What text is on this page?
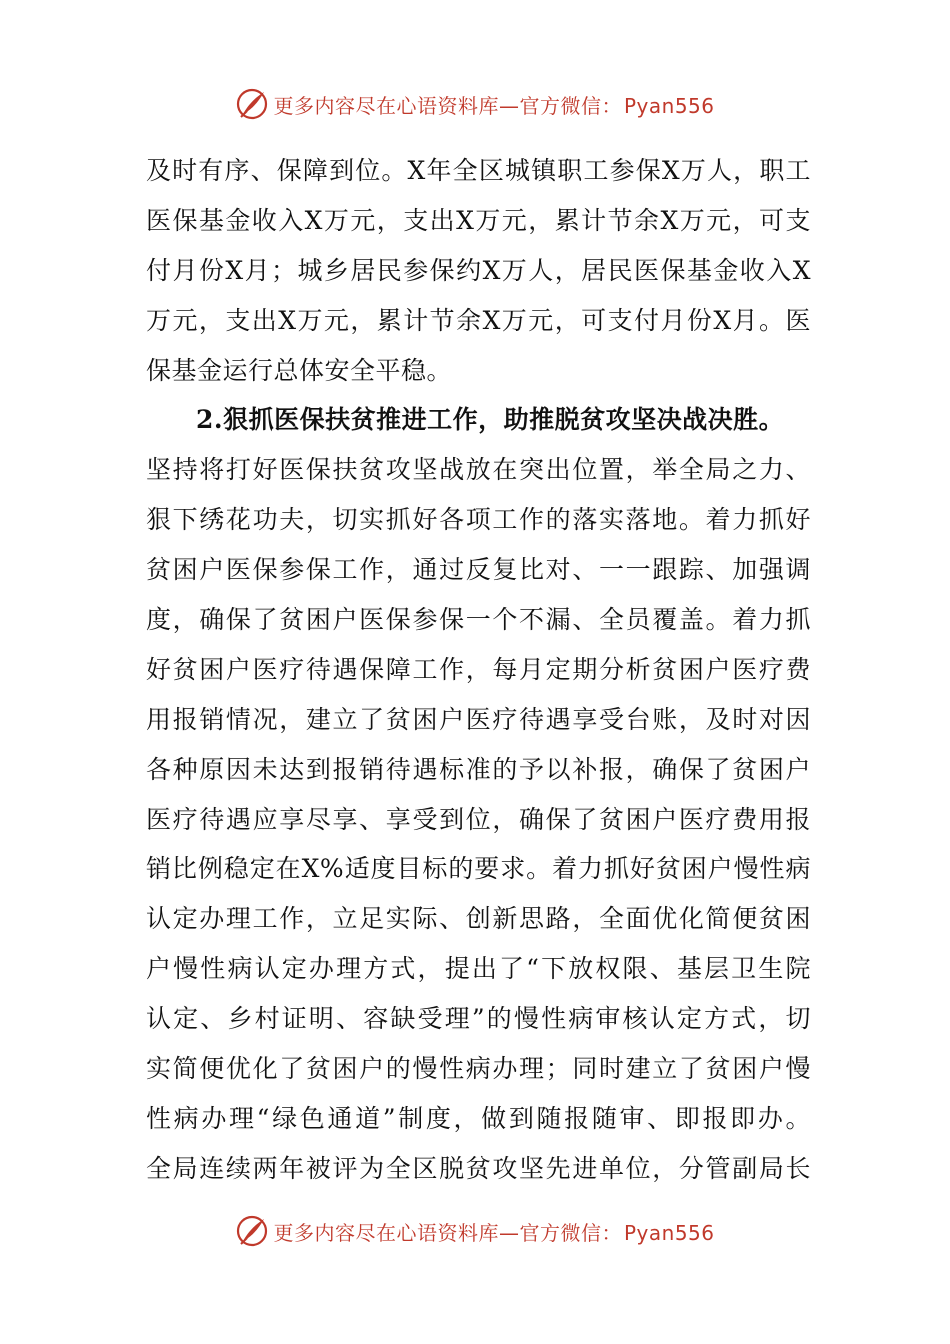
更多内容尽在心语资料库—官方微信： Pyan556
及时有序、保障到位。X年全区城镇职工参保X万人，职工
医保基金收入X万元，支出X万元，累计节余X万元，可支
付月份X月；城乡居民参保约X万人，居民医保基金收入X
万元，支出X万元，累计节余X万元，可支付月份X月。医
保基金运行总体安全平稳。
2.狠抓医保扶贫推进工作，助推脱贫攻坚决战决胜。
坚持将打好医保扶贫攻坚战放在突出位置，举全局之力、
狠下绣花功夫，切实抓好各项工作的落实落地。着力抓好
贫困户医保参保工作，通过反复比对、一一跟踪、加强调
度，确保了贫困户医保参保一个不漏、全员覆盖。着力抓
好贫困户医疗待遇保障工作，每月定期分析贫困户医疗费
用报销情况，建立了贫困户医疗待遇享受台账，及时对因
各种原因未达到报销待遇标准的予以补报，确保了贫困户
医疗待遇应享尽享、享受到位，确保了贫困户医疗费用报
销比例稳定在X%适度目标的要求。着力抓好贫困户慢性病
认定办理工作，立足实际、创新思路，全面优化简便贫困
户慢性病认定办理方式，提出了“下放权限、基层卫生院
认定、乡村证明、容缺受理”的慢性病审核认定方式，切
实简便优化了贫困户的慢性病办理；同时建立了贫困户慢
性病办理“绿色通道”制度，做到随报随审、即报即办。
全局连续两年被评为全区脱贫攻坚先进单位，分管副局长
更多内容尽在心语资料库—官方微信： Pyan556
